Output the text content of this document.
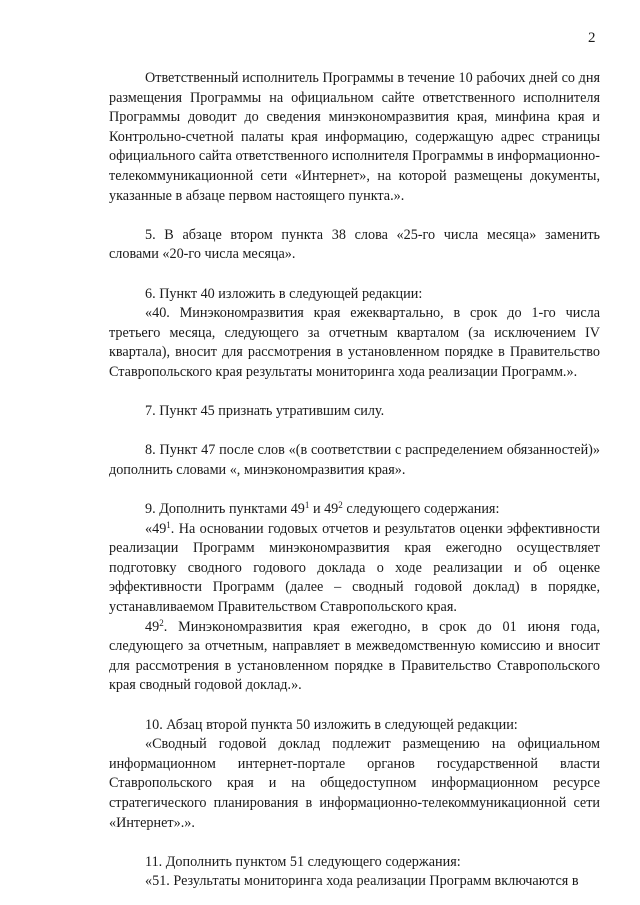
2

Ответственный исполнитель Программы в течение 10 рабочих дней со дня размещения Программы на официальном сайте ответственного исполнителя Программы доводит до сведения минэкономразвития края, минфина края и Контрольно-счетной палаты края информацию, содержащую адрес страницы официального сайта ответственного исполнителя Программы в информационно-телекоммуникационной сети «Интернет», на которой размещены документы, указанные в абзаце первом настоящего пункта.».

5. В абзаце втором пункта 38 слова «25-го числа месяца» заменить словами «20-го числа месяца».

6. Пункт 40 изложить в следующей редакции:

«40. Минэкономразвития края ежеквартально, в срок до 1-го числа третьего месяца, следующего за отчетным кварталом (за исключением IV квартала), вносит для рассмотрения в установленном порядке в Правительство Ставропольского края результаты мониторинга хода реализации Программ.».

7. Пункт 45 признать утратившим силу.

8. Пункт 47 после слов «(в соответствии с распределением обязанностей)» дополнить словами «, минэкономразвития края».

9. Дополнить пунктами $49^1$ и $49^2$ следующего содержания:

«$49^1$. На основании годовых отчетов и результатов оценки эффективности реализации Программ минэкономразвития края ежегодно осуществляет подготовку сводного годового доклада о ходе реализации и об оценке эффективности Программ (далее – сводный годовой доклад) в порядке, устанавливаемом Правительством Ставропольского края.

$49^2$. Минэкономразвития края ежегодно, в срок до 01 июня года, следующего за отчетным, направляет в межведомственную комиссию и вносит для рассмотрения в установленном порядке в Правительство Ставропольского края сводный годовой доклад.».

10. Абзац второй пункта 50 изложить в следующей редакции:

«Сводный годовой доклад подлежит размещению на официальном информационном интернет-портале органов государственной власти Ставропольского края и на общедоступном информационном ресурсе стратегического планирования в информационно-телекоммуникационной сети «Интернет».».

11. Дополнить пунктом 51 следующего содержания:

«51. Результаты мониторинга хода реализации Программ включаются в
